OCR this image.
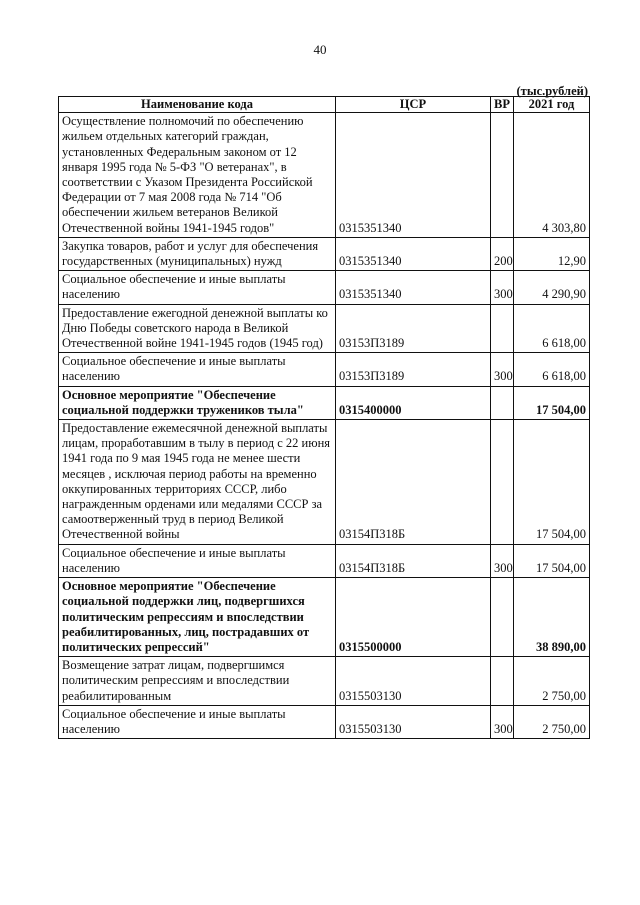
40
(тыс.рублей)
Наименование кода	ЦСР	ВР	2021 год
Осуществление полномочий по обеспечению жильем отдельных категорий граждан, установленных Федеральным законом от 12 января 1995 года № 5-ФЗ "О ветеранах", в соответствии с Указом Президента Российской Федерации от 7 мая 2008 года № 714 "Об обеспечении жильем ветеранов Великой Отечественной войны 1941-1945 годов"	0315351340		4 303,80
Закупка товаров, работ и услуг для обеспечения государственных (муниципальных) нужд	0315351340	200	12,90
Социальное обеспечение и иные выплаты населению	0315351340	300	4 290,90
Предоставление ежегодной денежной выплаты ко Дню Победы советского народа в Великой Отечественной войне 1941-1945 годов (1945 год)	03153П3189		6 618,00
Социальное обеспечение и иные выплаты населению	03153П3189	300	6 618,00
Основное мероприятие "Обеспечение социальной поддержки тружеников тыла"	0315400000		17 504,00
Предоставление ежемесячной денежной выплаты лицам, проработавшим в тылу в период с 22 июня 1941 года по 9 мая 1945 года не менее шести месяцев , исключая период работы на временно оккупированных территориях СССР, либо награжденным орденами или медалями СССР за самоотверженный труд в период Великой Отечественной войны	03154П318Б		17 504,00
Социальное обеспечение и иные выплаты населению	03154П318Б	300	17 504,00
Основное мероприятие "Обеспечение социальной поддержки лиц, подвергшихся политическим репрессиям и впоследствии реабилитированных, лиц, пострадавших от политических репрессий"	0315500000		38 890,00
Возмещение затрат лицам, подвергшимся политическим репрессиям и впоследствии реабилитированным	0315503130		2 750,00
Социальное обеспечение и иные выплаты населению	0315503130	300	2 750,00
